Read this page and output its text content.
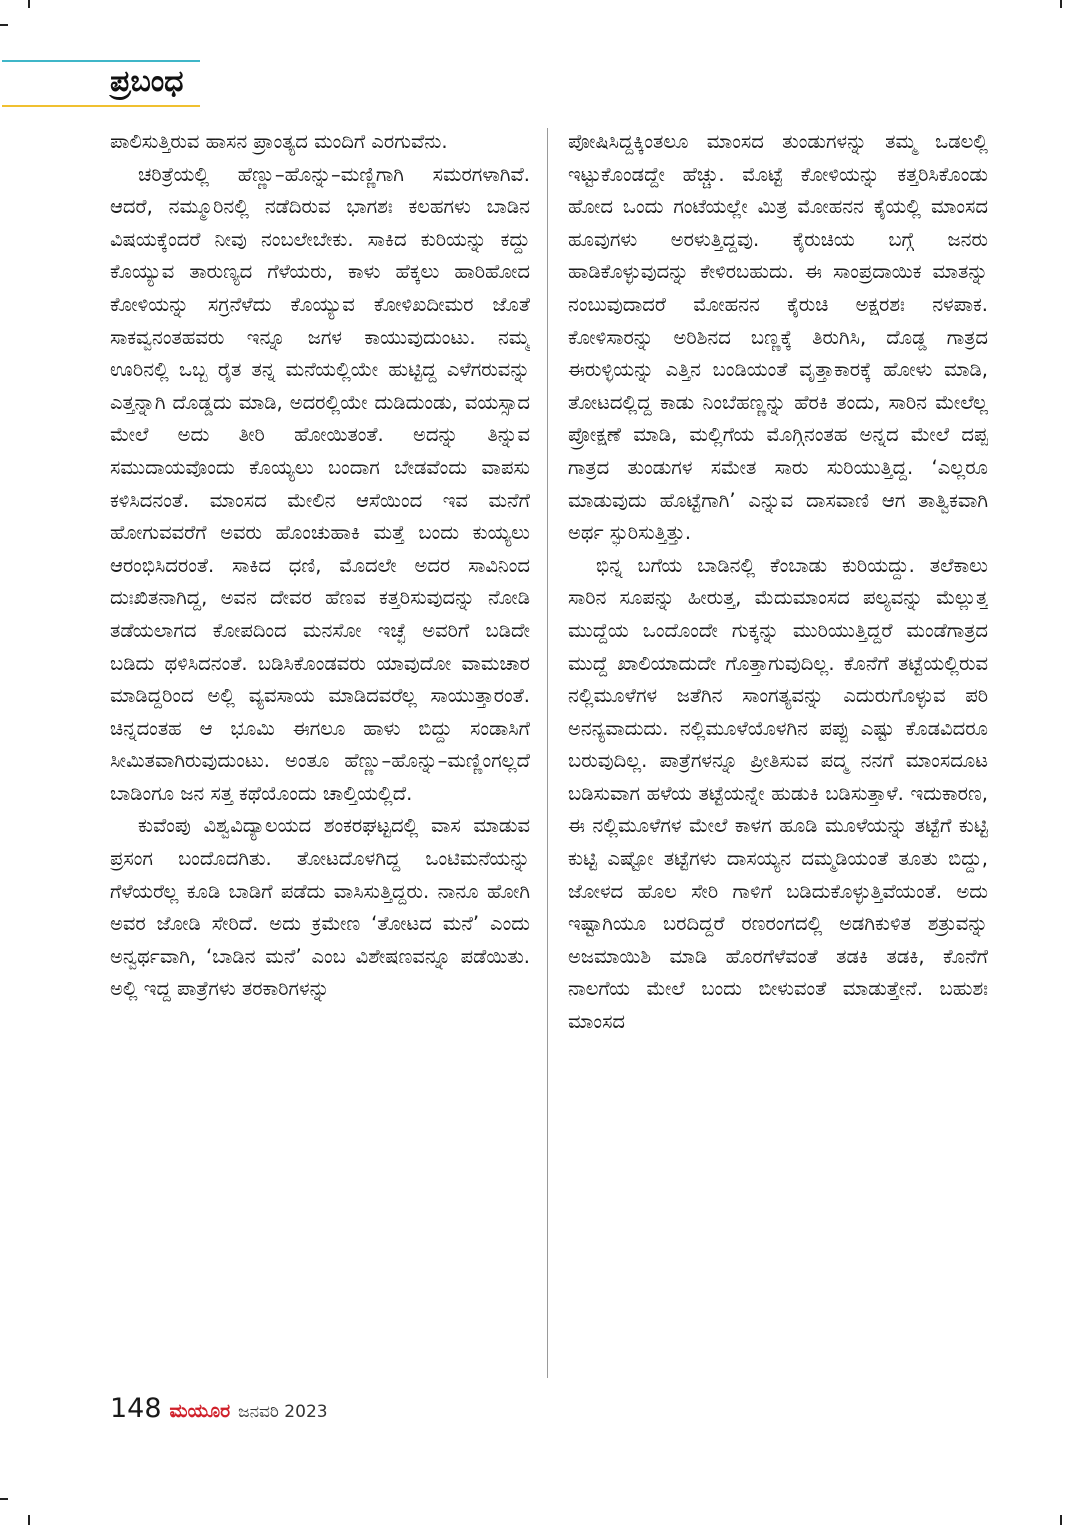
ಪ್ರಬಂಧ

ಪಾಲಿಸುತ್ತಿರುವ ಹಾಸನ ಪ್ರಾಂತ್ಯದ ಮಂದಿಗೆ ಎರಗುವೆನು.

ಚರಿತ್ರೆಯಲ್ಲಿ ಹೆಣ್ಣು–ಹೊನ್ನು–ಮಣ್ಣಿಗಾಗಿ ಸಮರಗಳಾಗಿವೆ. ಆದರೆ, ನಮ್ಮೂರಿನಲ್ಲಿ ನಡೆದಿರುವ ಭಾಗಶಃ ಕಲಹಗಳು ಬಾಡಿನ ವಿಷಯಕ್ಕೆಂದರೆ ನೀವು ನಂಬಲೇಬೇಕು. ಸಾಕಿದ ಕುರಿಯನ್ನು ಕದ್ದು ಕೊಯ್ಯುವ ತಾರುಣ್ಯದ ಗೆಳೆಯರು, ಕಾಳು ಹೆಕ್ಕಲು ಹಾರಿಹೋದ ಕೋಳಿಯನ್ನು ಸಗ್ರನೆಳೆದು ಕೊಯ್ಯುವ ಕೋಳಿಖದೀಮರ ಜೊತೆ ಸಾಕವ್ವನಂತಹವರು ಇನ್ನೂ ಜಗಳ ಕಾಯುವುದುಂಟು. ನಮ್ಮ ಊರಿನಲ್ಲಿ ಒಬ್ಬ ರೈತ ತನ್ನ ಮನೆಯಲ್ಲಿಯೇ ಹುಟ್ಟಿದ್ದ ಎಳೆಗರುವನ್ನು ಎತ್ತನ್ನಾಗಿ ದೊಡ್ಡದು ಮಾಡಿ, ಅದರಲ್ಲಿಯೇ ದುಡಿದುಂಡು, ವಯಸ್ಸಾದ ಮೇಲೆ ಅದು ತೀರಿ ಹೋಯಿತಂತೆ. ಅದನ್ನು ತಿನ್ನುವ ಸಮುದಾಯವೊಂದು ಕೊಯ್ಯಲು ಬಂದಾಗ ಬೇಡವೆಂದು ವಾಪಸು ಕಳಿಸಿದನಂತೆ. ಮಾಂಸದ ಮೇಲಿನ ಆಸೆಯಿಂದ ಇವ ಮನೆಗೆ ಹೋಗುವವರೆಗೆ ಅವರು ಹೊಂಚುಹಾಕಿ ಮತ್ತೆ ಬಂದು ಕುಯ್ಯಲು ಆರಂಭಿಸಿದರಂತೆ. ಸಾಕಿದ ಧಣಿ, ಮೊದಲೇ ಅದರ ಸಾವಿನಿಂದ ದುಃಖಿತನಾಗಿದ್ದ, ಅವನ ದೇವರ ಹೆಣವ ಕತ್ತರಿಸುವುದನ್ನು ನೋಡಿ ತಡೆಯಲಾಗದ ಕೋಪದಿಂದ ಮನಸೋ ಇಚ್ಛೆ ಅವರಿಗೆ ಬಡಿದೇ ಬಡಿದು ಥಳಿಸಿದನಂತೆ. ಬಡಿಸಿಕೊಂಡವರು ಯಾವುದೋ ವಾಮಚಾರ ಮಾಡಿದ್ದರಿಂದ ಅಲ್ಲಿ ವ್ಯವಸಾಯ ಮಾಡಿದವರೆಲ್ಲ ಸಾಯುತ್ತಾರಂತೆ. ಚಿನ್ನದಂತಹ ಆ ಭೂಮಿ ಈಗಲೂ ಹಾಳು ಬಿದ್ದು ಸಂಡಾಸಿಗೆ ಸೀಮಿತವಾಗಿರುವುದುಂಟು. ಅಂತೂ ಹೆಣ್ಣು–ಹೊನ್ನು–ಮಣ್ಣಿಂಗಲ್ಲದೆ ಬಾಡಿಂಗೂ ಜನ ಸತ್ತ ಕಥೆಯೊಂದು ಚಾಲ್ತಿಯಲ್ಲಿದೆ.

ಕುವೆಂಪು ವಿಶ್ವವಿದ್ಯಾಲಯದ ಶಂಕರಘಟ್ಟದಲ್ಲಿ ವಾಸ ಮಾಡುವ ಪ್ರಸಂಗ ಬಂದೊದಗಿತು. ತೋಟದೊಳಗಿದ್ದ ಒಂಟಿಮನೆಯನ್ನು ಗೆಳೆಯರೆಲ್ಲ ಕೂಡಿ ಬಾಡಿಗೆ ಪಡೆದು ವಾಸಿಸುತ್ತಿದ್ದರು. ನಾನೂ ಹೋಗಿ ಅವರ ಜೋಡಿ ಸೇರಿದೆ. ಅದು ಕ್ರಮೇಣ ‘ತೋಟದ ಮನೆ’ ಎಂದು ಅನ್ವರ್ಥವಾಗಿ, ‘ಬಾಡಿನ ಮನೆ’ ಎಂಬ ವಿಶೇಷಣವನ್ನೂ ಪಡೆಯಿತು. ಅಲ್ಲಿ ಇದ್ದ ಪಾತ್ರೆಗಳು ತರಕಾರಿಗಳನ್ನು

ಪೋಷಿಸಿದ್ದಕ್ಕಿಂತಲೂ ಮಾಂಸದ ತುಂಡುಗಳನ್ನು ತಮ್ಮ ಒಡಲಲ್ಲಿ ಇಟ್ಟುಕೊಂಡದ್ದೇ ಹೆಚ್ಚು. ಮೊಟ್ಟೆ ಕೋಳಿಯನ್ನು ಕತ್ತರಿಸಿಕೊಂಡು ಹೋದ ಒಂದು ಗಂಟೆಯಲ್ಲೇ ಮಿತ್ರ ಮೋಹನನ ಕೈಯಲ್ಲಿ ಮಾಂಸದ ಹೂವುಗಳು ಅರಳುತ್ತಿದ್ದವು. ಕೈರುಚಿಯ ಬಗ್ಗೆ ಜನರು ಹಾಡಿಕೊಳ್ಳುವುದನ್ನು ಕೇಳಿರಬಹುದು. ಈ ಸಾಂಪ್ರದಾಯಿಕ ಮಾತನ್ನು ನಂಬುವುದಾದರೆ ಮೋಹನನ ಕೈರುಚಿ ಅಕ್ಷರಶಃ ನಳಪಾಕ. ಕೋಳಿಸಾರನ್ನು ಅರಿಶಿನದ ಬಣ್ಣಕ್ಕೆ ತಿರುಗಿಸಿ, ದೊಡ್ಡ ಗಾತ್ರದ ಈರುಳ್ಳಿಯನ್ನು ಎತ್ತಿನ ಬಂಡಿಯಂತೆ ವೃತ್ತಾಕಾರಕ್ಕೆ ಹೋಳು ಮಾಡಿ, ತೋಟದಲ್ಲಿದ್ದ ಕಾಡು ನಿಂಬೆಹಣ್ಣನ್ನು ಹೆರಕಿ ತಂದು, ಸಾರಿನ ಮೇಲೆಲ್ಲ ಪ್ರೋಕ್ಷಣೆ ಮಾಡಿ, ಮಲ್ಲಿಗೆಯ ಮೊಗ್ಗಿನಂತಹ ಅನ್ನದ ಮೇಲೆ ದಪ್ಪ ಗಾತ್ರದ ತುಂಡುಗಳ ಸಮೇತ ಸಾರು ಸುರಿಯುತ್ತಿದ್ದ. ‘ಎಲ್ಲರೂ ಮಾಡುವುದು ಹೊಟ್ಟೆಗಾಗಿ’ ಎನ್ನುವ ದಾಸವಾಣಿ ಆಗ ತಾತ್ವಿಕವಾಗಿ ಅರ್ಥ ಸ್ಫುರಿಸುತ್ತಿತ್ತು.

ಭಿನ್ನ ಬಗೆಯ ಬಾಡಿನಲ್ಲಿ ಕೆಂಬಾಡು ಕುರಿಯದ್ದು. ತಲೆಕಾಲು ಸಾರಿನ ಸೂಪನ್ನು ಹೀರುತ್ತ, ಮೆದುಮಾಂಸದ ಪಲ್ಯವನ್ನು ಮೆಲ್ಲುತ್ತ ಮುದ್ದೆಯ ಒಂದೊಂದೇ ಗುಕ್ಕನ್ನು ಮುರಿಯುತ್ತಿದ್ದರೆ ಮಂಡೆಗಾತ್ರದ ಮುದ್ದೆ ಖಾಲಿಯಾದುದೇ ಗೊತ್ತಾಗುವುದಿಲ್ಲ. ಕೊನೆಗೆ ತಟ್ಟೆಯಲ್ಲಿರುವ ನಲ್ಲಿಮೂಳೆಗಳ ಜತೆಗಿನ ಸಾಂಗತ್ಯವನ್ನು ಎದುರುಗೊಳ್ಳುವ ಪರಿ ಅನನ್ಯವಾದುದು. ನಲ್ಲಿಮೂಳೆಯೊಳಗಿನ ಪಪ್ಪು ಎಷ್ಟು ಕೊಡವಿದರೂ ಬರುವುದಿಲ್ಲ. ಪಾತ್ರೆಗಳನ್ನೂ ಪ್ರೀತಿಸುವ ಪದ್ಮ ನನಗೆ ಮಾಂಸದೂಟ ಬಡಿಸುವಾಗ ಹಳೆಯ ತಟ್ಟೆಯನ್ನೇ ಹುಡುಕಿ ಬಡಿಸುತ್ತಾಳೆ. ಇದುಕಾರಣ, ಈ ನಲ್ಲಿಮೂಳೆಗಳ ಮೇಲೆ ಕಾಳಗ ಹೂಡಿ ಮೂಳೆಯನ್ನು ತಟ್ಟೆಗೆ ಕುಟ್ಟಿ ಕುಟ್ಟಿ ಎಷ್ಟೋ ತಟ್ಟೆಗಳು ದಾಸಯ್ಯನ ದಮ್ಮಡಿಯಂತೆ ತೂತು ಬಿದ್ದು, ಜೋಳದ ಹೊಲ ಸೇರಿ ಗಾಳಿಗೆ ಬಡಿದುಕೊಳ್ಳುತ್ತಿವೆಯಂತೆ. ಅದು ಇಷ್ಟಾಗಿಯೂ ಬರದಿದ್ದರೆ ರಣರಂಗದಲ್ಲಿ ಅಡಗಿಕುಳಿತ ಶತ್ರುವನ್ನು ಅಜಮಾಯಿಶಿ ಮಾಡಿ ಹೊರಗೆಳೆವಂತೆ ತಡಕಿ ತಡಕಿ, ಕೊನೆಗೆ ನಾಲಗೆಯ ಮೇಲೆ ಬಂದು ಬೀಳುವಂತೆ ಮಾಡುತ್ತೇನೆ. ಬಹುಶಃ ಮಾಂಸದ

148 ಮಯೂರ ಜನವರಿ 2023
